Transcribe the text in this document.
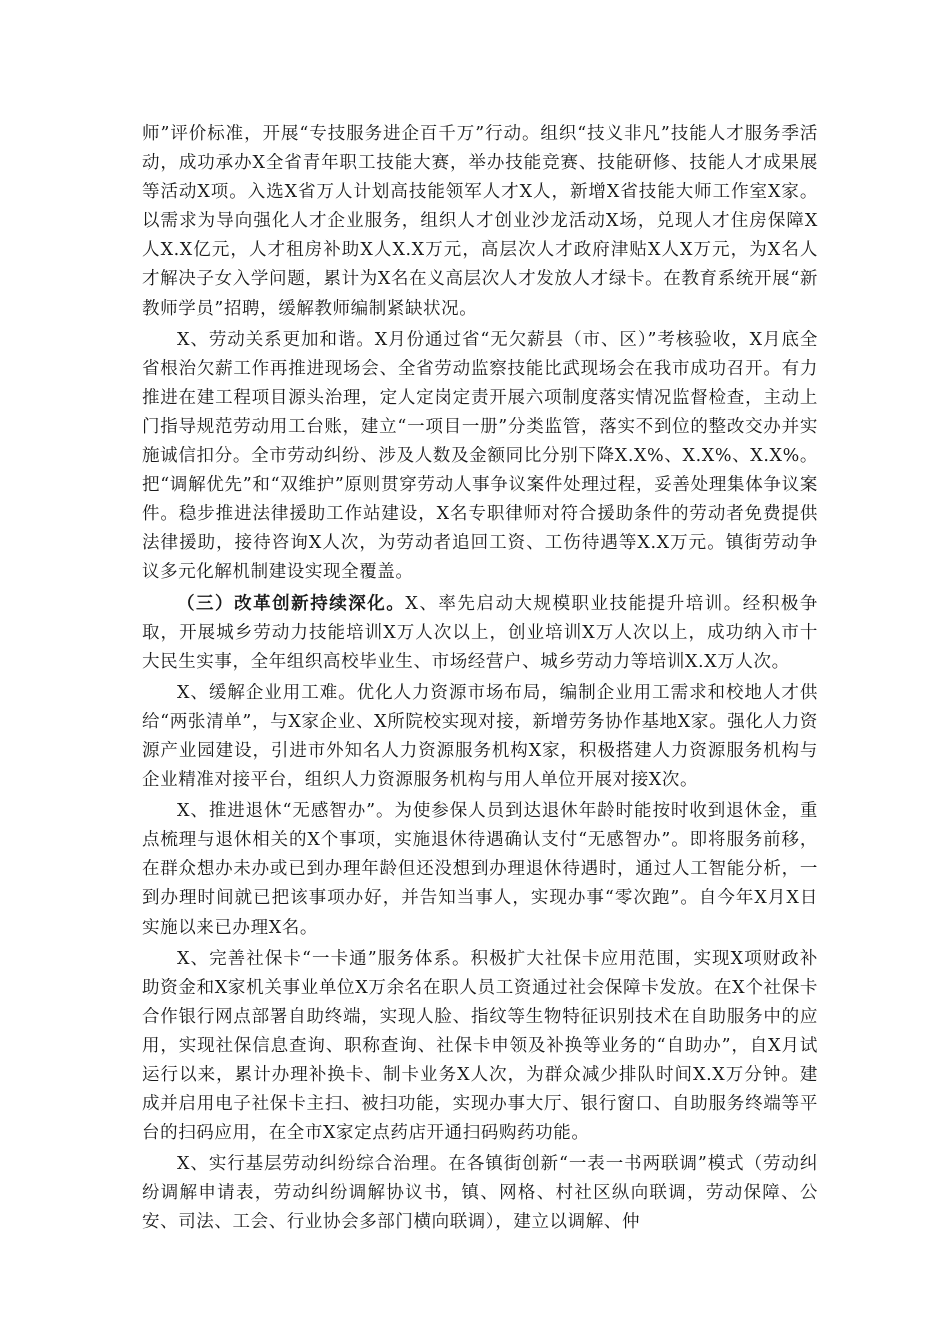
师”评价标准，开展“专技服务进企百千万”行动。组织“技义非凡”技能人才服务季活动，成功承办X全省青年职工技能大赛，举办技能竞赛、技能研修、技能人才成果展等活动X项。入选X省万人计划高技能领军人才X人，新增X省技能大师工作室X家。以需求为导向强化人才企业服务，组织人才创业沙龙活动X场，兑现人才住房保障X人X.X亿元，人才租房补助X人X.X万元，高层次人才政府津贴X人X万元，为X名人才解决子女入学问题，累计为X名在义高层次人才发放人才绿卡。在教育系统开展“新教师学员”招聘，缓解教师编制紧缺状况。

X、劳动关系更加和谐。X月份通过省“无欠薪县（市、区）”考核验收，X月底全省根治欠薪工作再推进现场会、全省劳动监察技能比武现场会在我市成功召开。有力推进在建工程项目源头治理，定人定岗定责开展六项制度落实情况监督检查，主动上门指导规范劳动用工台账，建立“一项目一册”分类监管，落实不到位的整改交办并实施诚信扣分。全市劳动纠纷、涉及人数及金额同比分别下降X.X%、X.X%、X.X%。把“调解优先”和“双维护”原则贯穿劳动人事争议案件处理过程，妥善处理集体争议案件。稳步推进法律援助工作站建设，X名专职律师对符合援助条件的劳动者免费提供法律援助，接待咨询X人次，为劳动者追回工资、工伤待遇等X.X万元。镇街劳动争议多元化解机制建设实现全覆盖。

（三）改革创新持续深化。X、率先启动大规模职业技能提升培训。经积极争取，开展城乡劳动力技能培训X万人次以上，创业培训X万人次以上，成功纳入市十大民生实事，全年组织高校毕业生、市场经营户、城乡劳动力等培训X.X万人次。

X、缓解企业用工难。优化人力资源市场布局，编制企业用工需求和校地人才供给“两张清单”，与X家企业、X所院校实现对接，新增劳务协作基地X家。强化人力资源产业园建设，引进市外知名人力资源服务机构X家，积极搭建人力资源服务机构与企业精准对接平台，组织人力资源服务机构与用人单位开展对接X次。

X、推进退休“无感智办”。为使参保人员到达退休年龄时能按时收到退休金，重点梳理与退休相关的X个事项，实施退休待遇确认支付“无感智办”。即将服务前移，在群众想办未办或已到办理年龄但还没想到办理退休待遇时，通过人工智能分析，一到办理时间就已把该事项办好，并告知当事人，实现办事“零次跑”。自今年X月X日实施以来已办理X名。

X、完善社保卡“一卡通”服务体系。积极扩大社保卡应用范围，实现X项财政补助资金和X家机关事业单位X万余名在职人员工资通过社会保障卡发放。在X个社保卡合作银行网点部署自助终端，实现人脸、指纹等生物特征识别技术在自助服务中的应用，实现社保信息查询、职称查询、社保卡申领及补换等业务的“自助办”，自X月试运行以来，累计办理补换卡、制卡业务X人次，为群众减少排队时间X.X万分钟。建成并启用电子社保卡主扫、被扫功能，实现办事大厅、银行窗口、自助服务终端等平台的扫码应用，在全市X家定点药店开通扫码购药功能。

X、实行基层劳动纠纷综合治理。在各镇街创新“一表一书两联调”模式（劳动纠纷调解申请表，劳动纠纷调解协议书，镇、网格、村社区纵向联调，劳动保障、公安、司法、工会、行业协会多部门横向联调），建立以调解、仲
